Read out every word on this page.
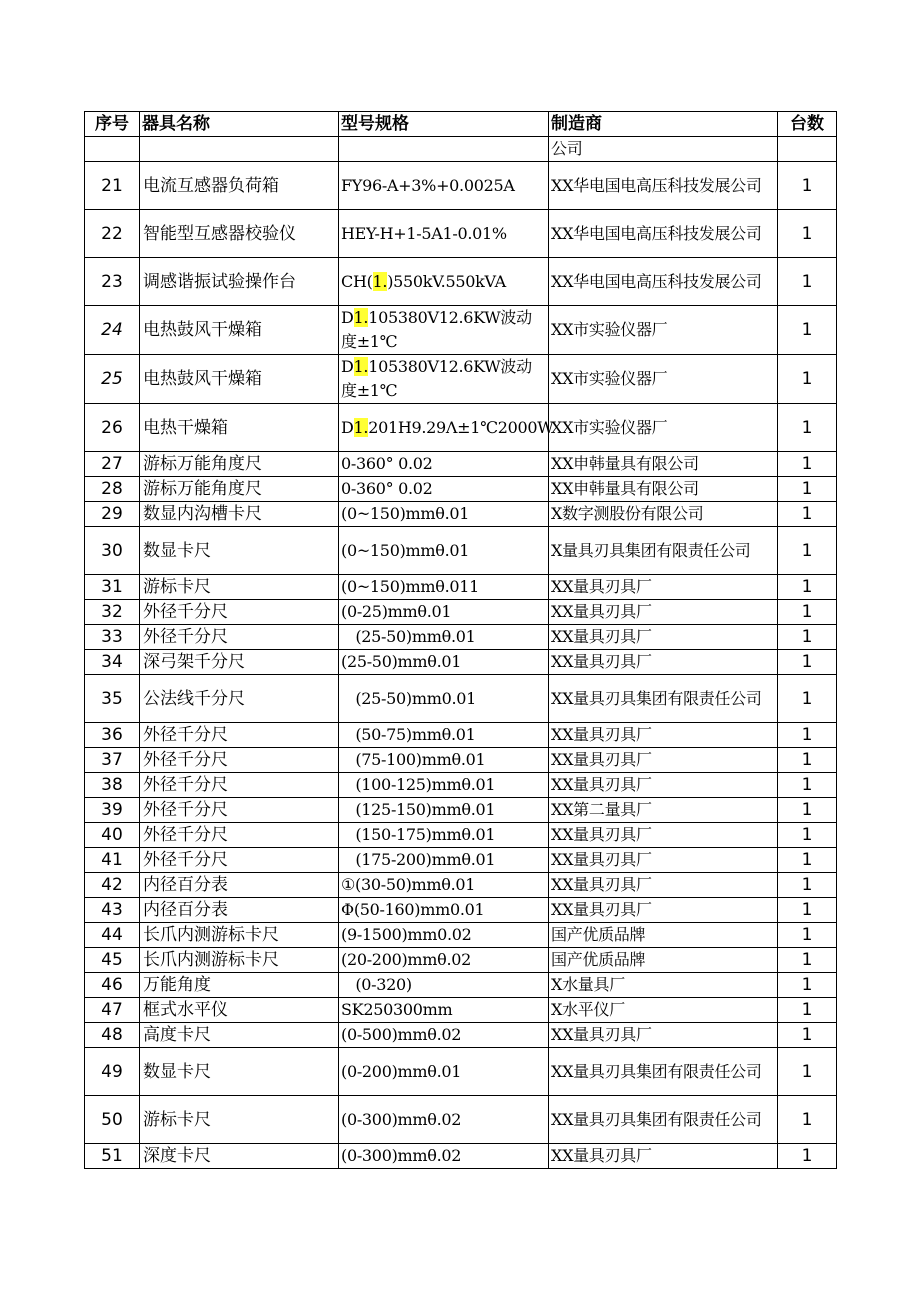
序号	器具名称	型号规格	制造商	台数
			公司	
21	电流互感器负荷箱	FY96-A+3%+0.0025A	XX华电国电高压科技发展公司	1
22	智能型互感器校验仪	HEY-H+1-5A1-0.01%	XX华电国电高压科技发展公司	1
23	调感谐振试验操作台	CH(1.)550kV.550kVA	XX华电国电高压科技发展公司	1
24	电热鼓风干燥箱	D1.105380V12.6KW波动度±1℃	XX市实验仪器厂	1
25	电热鼓风干燥箱	D1.105380V12.6KW波动度±1℃	XX市实验仪器厂	1
26	电热干燥箱	D1.201H9.29Λ±1℃2000W	XX市实验仪器厂	1
27	游标万能角度尺	0-360° 0.02	XX申韩量具有限公司	1
28	游标万能角度尺	0-360° 0.02	XX申韩量具有限公司	1
29	数显内沟槽卡尺	(0~150)mmθ.01	X数字测股份有限公司	1
30	数显卡尺	(0~150)mmθ.01	X量具刃具集团有限责任公司	1
31	游标卡尺	(0~150)mmθ.011	XX量具刃具厂	1
32	外径千分尺	(0-25)mmθ.01	XX量具刃具厂	1
33	外径千分尺	(25-50)mmθ.01	XX量具刃具厂	1
34	深弓架千分尺	(25-50)mmθ.01	XX量具刃具厂	1
35	公法线千分尺	(25-50)mm0.01	XX量具刃具集团有限责任公司	1
36	外径千分尺	(50-75)mmθ.01	XX量具刃具厂	1
37	外径千分尺	(75-100)mmθ.01	XX量具刃具厂	1
38	外径千分尺	(100-125)mmθ.01	XX量具刃具厂	1
39	外径千分尺	(125-150)mmθ.01	XX第二量具厂	1
40	外径千分尺	(150-175)mmθ.01	XX量具刃具厂	1
41	外径千分尺	(175-200)mmθ.01	XX量具刃具厂	1
42	内径百分表	①(30-50)mmθ.01	XX量具刃具厂	1
43	内径百分表	Φ(50-160)mm0.01	XX量具刃具厂	1
44	长爪内测游标卡尺	(9-1500)mm0.02	国产优质品牌	1
45	长爪内测游标卡尺	(20-200)mmθ.02	国产优质品牌	1
46	万能角度	(0-320)	X水量具厂	1
47	框式水平仪	SK250300mm	X水平仪厂	1
48	高度卡尺	(0-500)mmθ.02	XX量具刃具厂	1
49	数显卡尺	(0-200)mmθ.01	XX量具刃具集团有限责任公司	1
50	游标卡尺	(0-300)mmθ.02	XX量具刃具集团有限责任公司	1
51	深度卡尺	(0-300)mmθ.02	XX量具刃具厂	1
